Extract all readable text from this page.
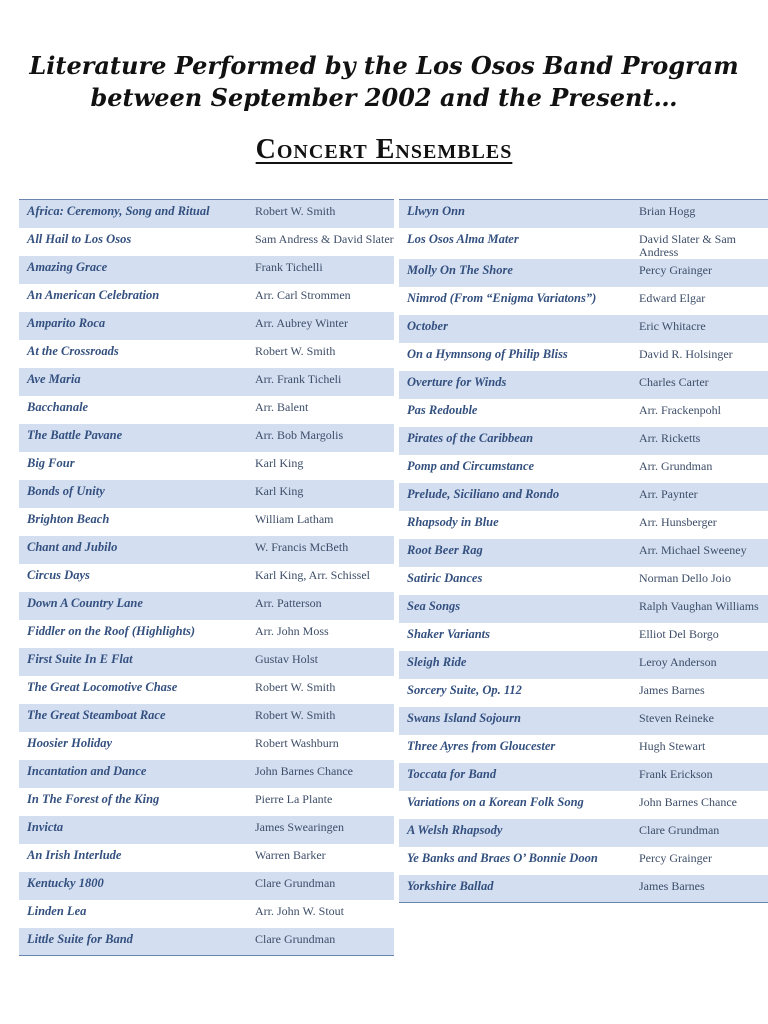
Literature Performed by the Los Osos Band Program between September 2002 and the Present…
Concert Ensembles
Africa: Ceremony, Song and Ritual	Robert W. Smith
All Hail to Los Osos	Sam Andress & David Slater
Amazing Grace	Frank Tichelli
An American Celebration	Arr. Carl Strommen
Amparito Roca	Arr. Aubrey Winter
At the Crossroads	Robert W. Smith
Ave Maria	Arr. Frank Ticheli
Bacchanale	Arr. Balent
The Battle Pavane	Arr. Bob Margolis
Big Four	Karl King
Bonds of Unity	Karl King
Brighton Beach	William Latham
Chant and Jubilo	W. Francis McBeth
Circus Days	Karl King, Arr. Schissel
Down A Country Lane	Arr. Patterson
Fiddler on the Roof (Highlights)	Arr. John Moss
First Suite In E Flat	Gustav Holst
The Great Locomotive Chase	Robert W. Smith
The Great Steamboat Race	Robert W. Smith
Hoosier Holiday	Robert Washburn
Incantation and Dance	John Barnes Chance
In The Forest of the King	Pierre La Plante
Invicta	James Swearingen
An Irish Interlude	Warren Barker
Kentucky 1800	Clare Grundman
Linden Lea	Arr. John W. Stout
Little Suite for Band	Clare Grundman
Llwyn Onn	Brian Hogg
Los Osos Alma Mater	David Slater & Sam Andress
Molly On The Shore	Percy Grainger
Nimrod (From “Enigma Variatons”)	Edward Elgar
October	Eric Whitacre
On a Hymnsong of Philip Bliss	David R. Holsinger
Overture for Winds	Charles Carter
Pas Redouble	Arr. Frackenpohl
Pirates of the Caribbean	Arr. Ricketts
Pomp and Circumstance	Arr. Grundman
Prelude, Siciliano and Rondo	Arr. Paynter
Rhapsody in Blue	Arr. Hunsberger
Root Beer Rag	Arr. Michael Sweeney
Satiric Dances	Norman Dello Joio
Sea Songs	Ralph Vaughan Williams
Shaker Variants	Elliot Del Borgo
Sleigh Ride	Leroy Anderson
Sorcery Suite, Op. 112	James Barnes
Swans Island Sojourn	Steven Reineke
Three Ayres from Gloucester	Hugh Stewart
Toccata for Band	Frank Erickson
Variations on a Korean Folk Song	John Barnes Chance
A Welsh Rhapsody	Clare Grundman
Ye Banks and Braes O’ Bonnie Doon	Percy Grainger
Yorkshire Ballad	James Barnes
